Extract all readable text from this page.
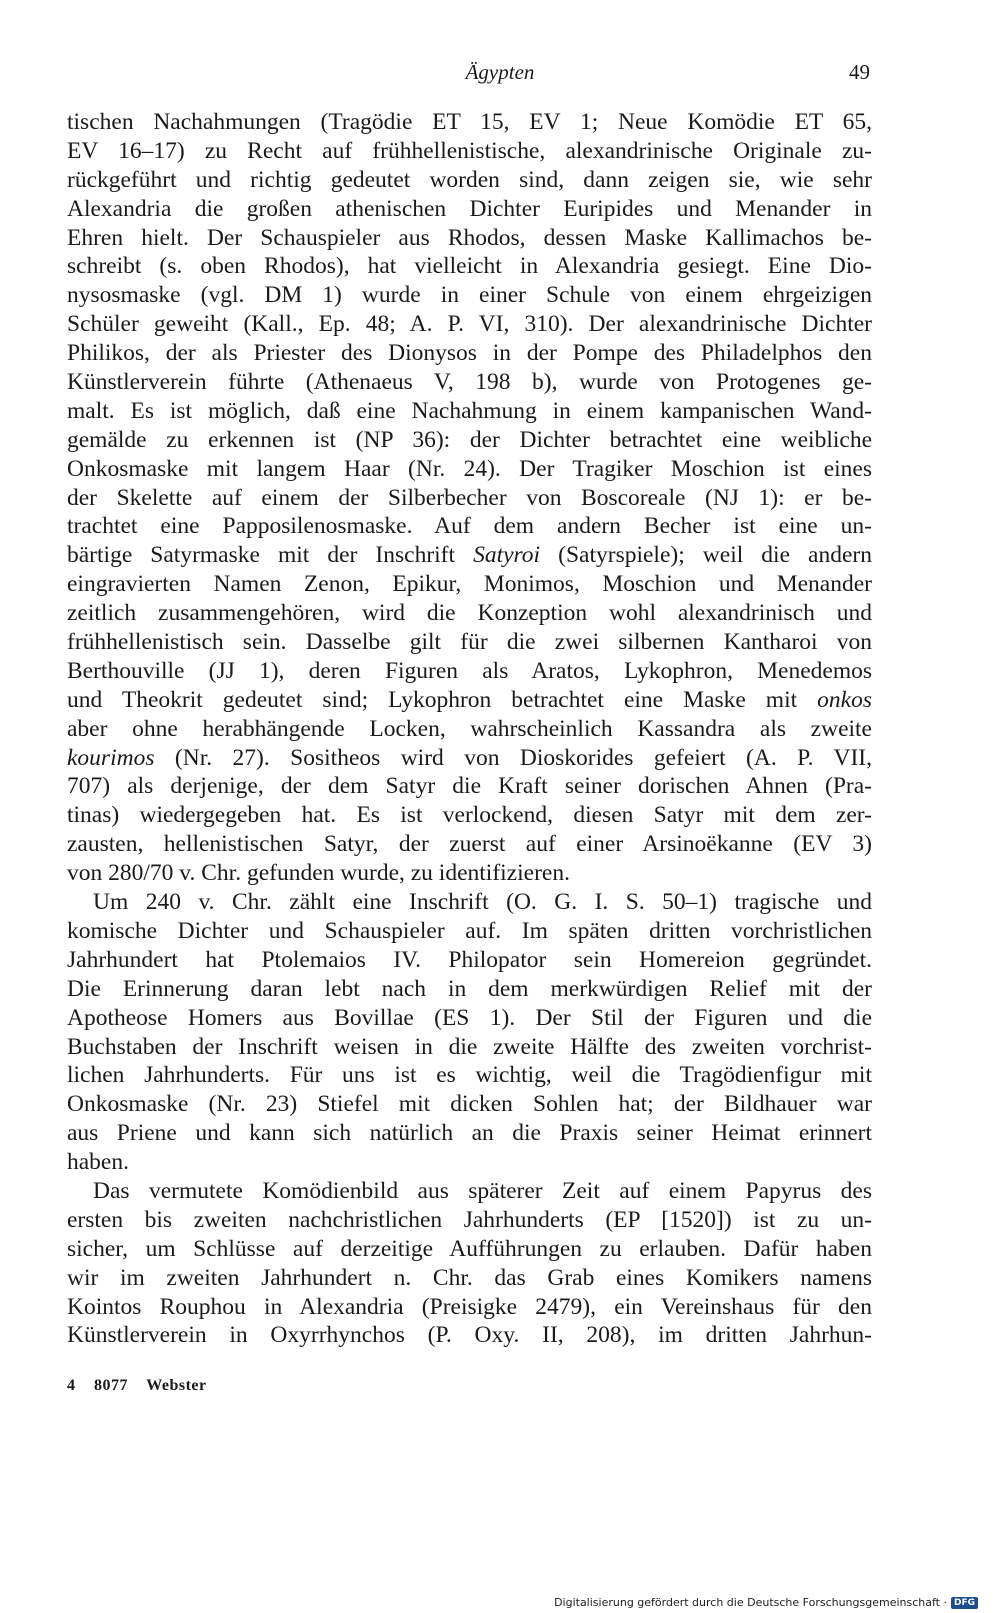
Ägypten	49
tischen Nachahmungen (Tragödie ET 15, EV 1; Neue Komödie ET 65,
EV 16–17) zu Recht auf frühhellenistische, alexandrinische Originale zu-
rückgeführt und richtig gedeutet worden sind, dann zeigen sie, wie sehr
Alexandria die großen athenischen Dichter Euripides und Menander in
Ehren hielt. Der Schauspieler aus Rhodos, dessen Maske Kallimachos be-
schreibt (s. oben Rhodos), hat vielleicht in Alexandria gesiegt. Eine Dio-
nysosmaske (vgl. DM 1) wurde in einer Schule von einem ehrgeizigen
Schüler geweiht (Kall., Ep. 48; A. P. VI, 310). Der alexandrinische Dichter
Philikos, der als Priester des Dionysos in der Pompe des Philadelphos den
Künstlerverein führte (Athenaeus V, 198 b), wurde von Protogenes ge-
malt. Es ist möglich, daß eine Nachahmung in einem kampanischen Wand-
gemälde zu erkennen ist (NP 36): der Dichter betrachtet eine weibliche
Onkosmaske mit langem Haar (Nr. 24). Der Tragiker Moschion ist eines
der Skelette auf einem der Silberbecher von Boscoreale (NJ 1): er be-
trachtet eine Papposilenosmaske. Auf dem andern Becher ist eine un-
bärtige Satyrmaske mit der Inschrift Satyroi (Satyrspiele); weil die andern
eingravierten Namen Zenon, Epikur, Monimos, Moschion und Menander
zeitlich zusammengehören, wird die Konzeption wohl alexandrinisch und
frühhellenistisch sein. Dasselbe gilt für die zwei silbernen Kantharoi von
Berthouville (JJ 1), deren Figuren als Aratos, Lykophron, Menedemos
und Theokrit gedeutet sind; Lykophron betrachtet eine Maske mit onkos
aber ohne herabhängende Locken, wahrscheinlich Kassandra als zweite
kourimos (Nr. 27). Sositheos wird von Dioskorides gefeiert (A. P. VII,
707) als derjenige, der dem Satyr die Kraft seiner dorischen Ahnen (Pra-
tinas) wiedergegeben hat. Es ist verlockend, diesen Satyr mit dem zer-
zausten, hellenistischen Satyr, der zuerst auf einer Arsinoëkanne (EV 3)
von 280/70 v. Chr. gefunden wurde, zu identifizieren.
Um 240 v. Chr. zählt eine Inschrift (O. G. I. S. 50–1) tragische und
komische Dichter und Schauspieler auf. Im späten dritten vorchristlichen
Jahrhundert hat Ptolemaios IV. Philopator sein Homereion gegründet.
Die Erinnerung daran lebt nach in dem merkwürdigen Relief mit der
Apotheose Homers aus Bovillae (ES 1). Der Stil der Figuren und die
Buchstaben der Inschrift weisen in die zweite Hälfte des zweiten vorchrist-
lichen Jahrhunderts. Für uns ist es wichtig, weil die Tragödienfigur mit
Onkosmaske (Nr. 23) Stiefel mit dicken Sohlen hat; der Bildhauer war
aus Priene und kann sich natürlich an die Praxis seiner Heimat erinnert
haben.
Das vermutete Komödienbild aus späterer Zeit auf einem Papyrus des
ersten bis zweiten nachchristlichen Jahrhunderts (EP [1520]) ist zu un-
sicher, um Schlüsse auf derzeitige Aufführungen zu erlauben. Dafür haben
wir im zweiten Jahrhundert n. Chr. das Grab eines Komikers namens
Kointos Rouphou in Alexandria (Preisigke 2479), ein Vereinshaus für den
Künstlerverein in Oxyrrhynchos (P. Oxy. II, 208), im dritten Jahrhun-
4 8077 Webster
Digitalisierung gefördert durch die Deutsche Forschungsgemeinschaft · DFG
